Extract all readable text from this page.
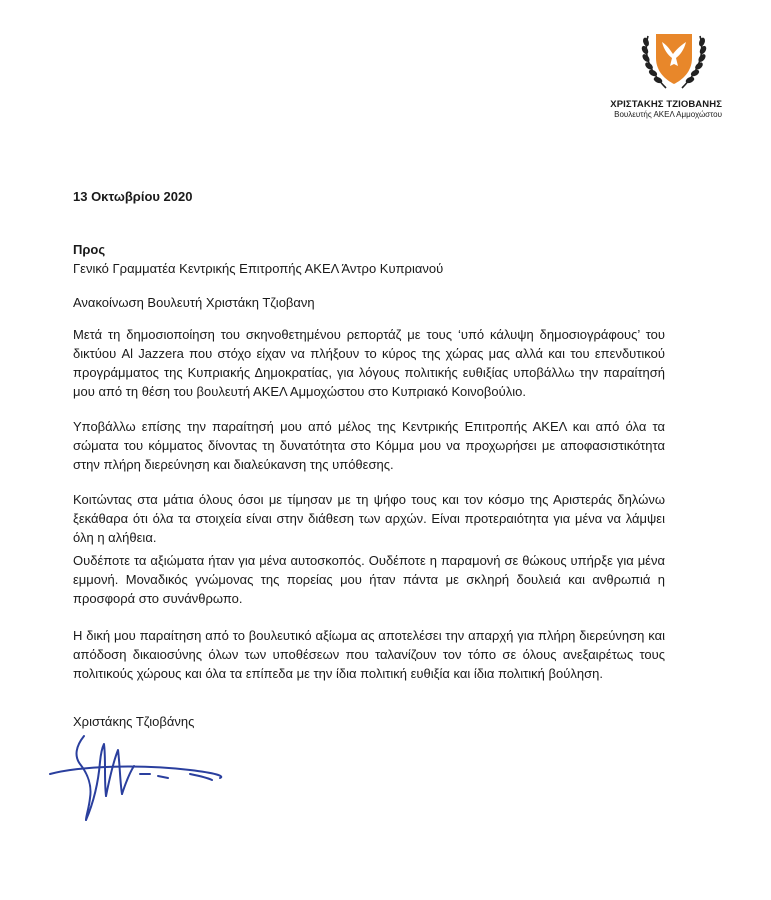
ΧΡΙΣΤΑΚΗΣ ΤΖΙΟΒΑΝΗΣ
Βουλευτής ΑΚΕΛ Αμμοχώστου
13 Οκτωβρίου 2020
Προς
Γενικό Γραμματέα Κεντρικής Επιτροπής ΑΚΕΛ Άντρο Κυπριανού
Ανακοίνωση Βουλευτή Χριστάκη Τζιοβανη

Μετά τη δημοσιοποίηση του σκηνοθετημένου ρεπορτάζ με τους ‘υπό κάλυψη δημοσιογράφους’ του δικτύου Al Jazzera που στόχο είχαν να πλήξουν το κύρος της χώρας μας αλλά και του επενδυτικού προγράμματος της Κυπριακής Δημοκρατίας, για λόγους πολιτικής ευθιξίας υποβάλλω την παραίτησή μου από τη θέση του βουλευτή ΑΚΕΛ Αμμοχώστου στο Κυπριακό Κοινοβούλιο.

Υποβάλλω επίσης την παραίτησή μου από μέλος της Κεντρικής Επιτροπής ΑΚΕΛ και από όλα τα σώματα του κόμματος δίνοντας τη δυνατότητα στο Κόμμα μου να προχωρήσει με αποφασιστικότητα στην πλήρη διερεύνηση και διαλεύκανση της υπόθεσης.

Κοιτώντας στα μάτια όλους όσοι με τίμησαν με τη ψήφο τους και τον κόσμο της Αριστεράς δηλώνω ξεκάθαρα ότι όλα τα στοιχεία είναι στην διάθεση των αρχών. Είναι προτεραιότητα για μένα να λάμψει όλη η αλήθεια.

Ουδέποτε τα αξιώματα ήταν για μένα αυτοσκοπός. Ουδέποτε η παραμονή σε θώκους υπήρξε για μένα εμμονή. Μοναδικός γνώμονας της πορείας μου ήταν πάντα με σκληρή δουλειά και ανθρωπιά η προσφορά στο συνάνθρωπο.

Η δική μου παραίτηση από το βουλευτικό αξίωμα ας αποτελέσει την απαρχή για πλήρη διερεύνηση και απόδοση δικαιοσύνης όλων των υποθέσεων που ταλανίζουν τον τόπο σε όλους ανεξαιρέτως τους πολιτικούς χώρους και όλα τα επίπεδα με την ίδια πολιτική ευθιξία και ίδια πολιτική βούληση.

Χριστάκης Τζιοβάνης
